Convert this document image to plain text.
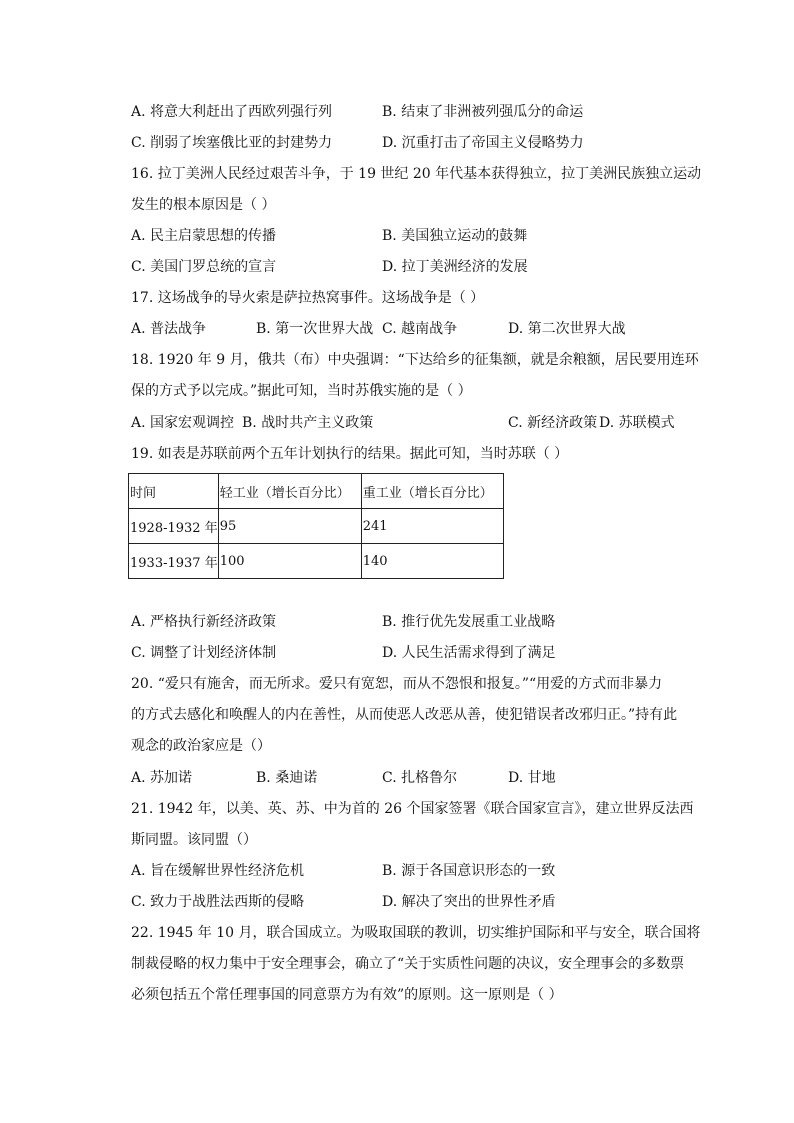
A. 将意大利赶出了西欧列强行列	B. 结束了非洲被列强瓜分的命运
C. 削弱了埃塞俄比亚的封建势力	D. 沉重打击了帝国主义侵略势力
16. 拉丁美洲人民经过艰苦斗争，于 19 世纪 20 年代基本获得独立，拉丁美洲民族独立运动
发生的根本原因是（ ）
A. 民主启蒙思想的传播	B. 美国独立运动的鼓舞
C. 美国门罗总统的宣言	D. 拉丁美洲经济的发展
17. 这场战争的导火索是萨拉热窝事件。这场战争是（ ）
A. 普法战争	B. 第一次世界大战 C. 越南战争	D. 第二次世界大战
18. 1920 年 9 月，俄共（布）中央强调：“下达给乡的征集额，就是余粮额，居民要用连环
保的方式予以完成。”据此可知，当时苏俄实施的是（ ）
A. 国家宏观调控 B. 战时共产主义政策	C. 新经济政策 D. 苏联模式
19. 如表是苏联前两个五年计划执行的结果。据此可知，当时苏联（ ）
时间	轻工业（增长百分比）	重工业（增长百分比）
1928-1932 年	95	241
1933-1937 年	100	140
A. 严格执行新经济政策	B. 推行优先发展重工业战略
C. 调整了计划经济体制	D. 人民生活需求得到了满足
20. “爱只有施舍，而无所求。爱只有宽恕，而从不怨恨和报复。”“用爱的方式而非暴力
的方式去感化和唤醒人的内在善性，从而使恶人改恶从善，使犯错误者改邪归正。”持有此
观念的政治家应是（）
A. 苏加诺	B. 桑迪诺	C. 扎格鲁尔	D. 甘地
21. 1942 年，以美、英、苏、中为首的 26 个国家签署《联合国家宣言》，建立世界反法西
斯同盟。该同盟（）
A. 旨在缓解世界性经济危机	B. 源于各国意识形态的一致
C. 致力于战胜法西斯的侵略	D. 解决了突出的世界性矛盾
22. 1945 年 10 月，联合国成立。为吸取国联的教训，切实维护国际和平与安全，联合国将
制裁侵略的权力集中于安全理事会，确立了“关于实质性问题的决议，安全理事会的多数票
必须包括五个常任理事国的同意票方为有效”的原则。这一原则是（ ）
